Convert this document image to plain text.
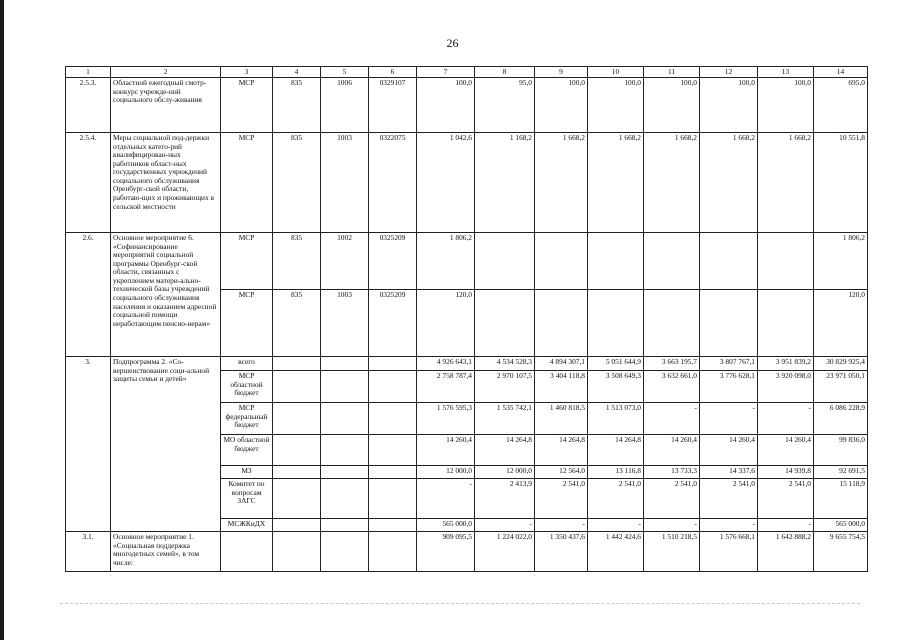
26
1	2	3	4	5	6	7	8	9	10	11	12	13	14
2.5.3.	Областной ежегодный смотр-конкурс учрежде-ний социального обслу-живания	МСР	835	1006	0329107	100,0	95,0	100,0	100,0	100,0	100,0	100,0	695,0
2.5.4.	Меры социальной под-держки отдельных катего-рий квалифицирован-ных работников област-ных государственных учреждений социального обслуживания Оренбург-ской области, работаю-щих и проживающих в сельской местности	МСР	835	1003	0322075	1 042,6	1 168,2	1 668,2	1 668,2	1 668,2	1 668,2	1 668,2	10 551,8
2.6.	Основное мероприятие 6. «Софинансирование мероприятий социальной программы Оренбург-ской области, связанных с укреплением матери-ально-технической базы учреждений социального обслуживания населения и оказанием адресной социальной помощи неработающим пенсио-нерам»	МСР	835	1002	0325209	1 806,2							1 806,2
		МСР	835	1003	0325209	120,0							120,0
3.	Подпрограмма 2. «Со-вершенствование соци-альной защиты семьи и детей»	всего				4 926 643,1	4 534 528,3	4 894 307,1	5 051 644,9	3 663 195,7	3 807 767,1	3 951 839,2	30 829 925,4
		МСР областной бюджет				2 758 787,4	2 970 107,5	3 404 118,8	3 508 649,3	3 632 661,0	3 776 628,1	3 920 098,0	23 971 050,1
		МСР федеральный бюджет				1 576 595,3	1 535 742,1	1 460 818,5	1 513 073,0	-	-	-	6 086 228,9
		МО областной бюджет				14 260,4	14 264,8	14 264,8	14 264,8	14 260,4	14 260,4	14 260,4	99 836,0
		МЗ				12 000,0	12 000,0	12 564,0	13 116,8	13 733,3	14 337,6	14 939,8	92 691,5
		Комитет по вопросам ЗАГС				-	2 413,9	2 541,0	2 541,0	2 541,0	2 541,0	2 541,0	15 118,9
		МСЖКиДХ				565 000,0	-	-	-	-	-	-	565 000,0
3.1.	Основное мероприятие 1. «Социальная поддержка многодетных семей», в том числе:					909 095,5	1 224 022,0	1 350 437,6	1 442 424,6	1 510 218,5	1 576 668,1	1 642 888,2	9 655 754,5
